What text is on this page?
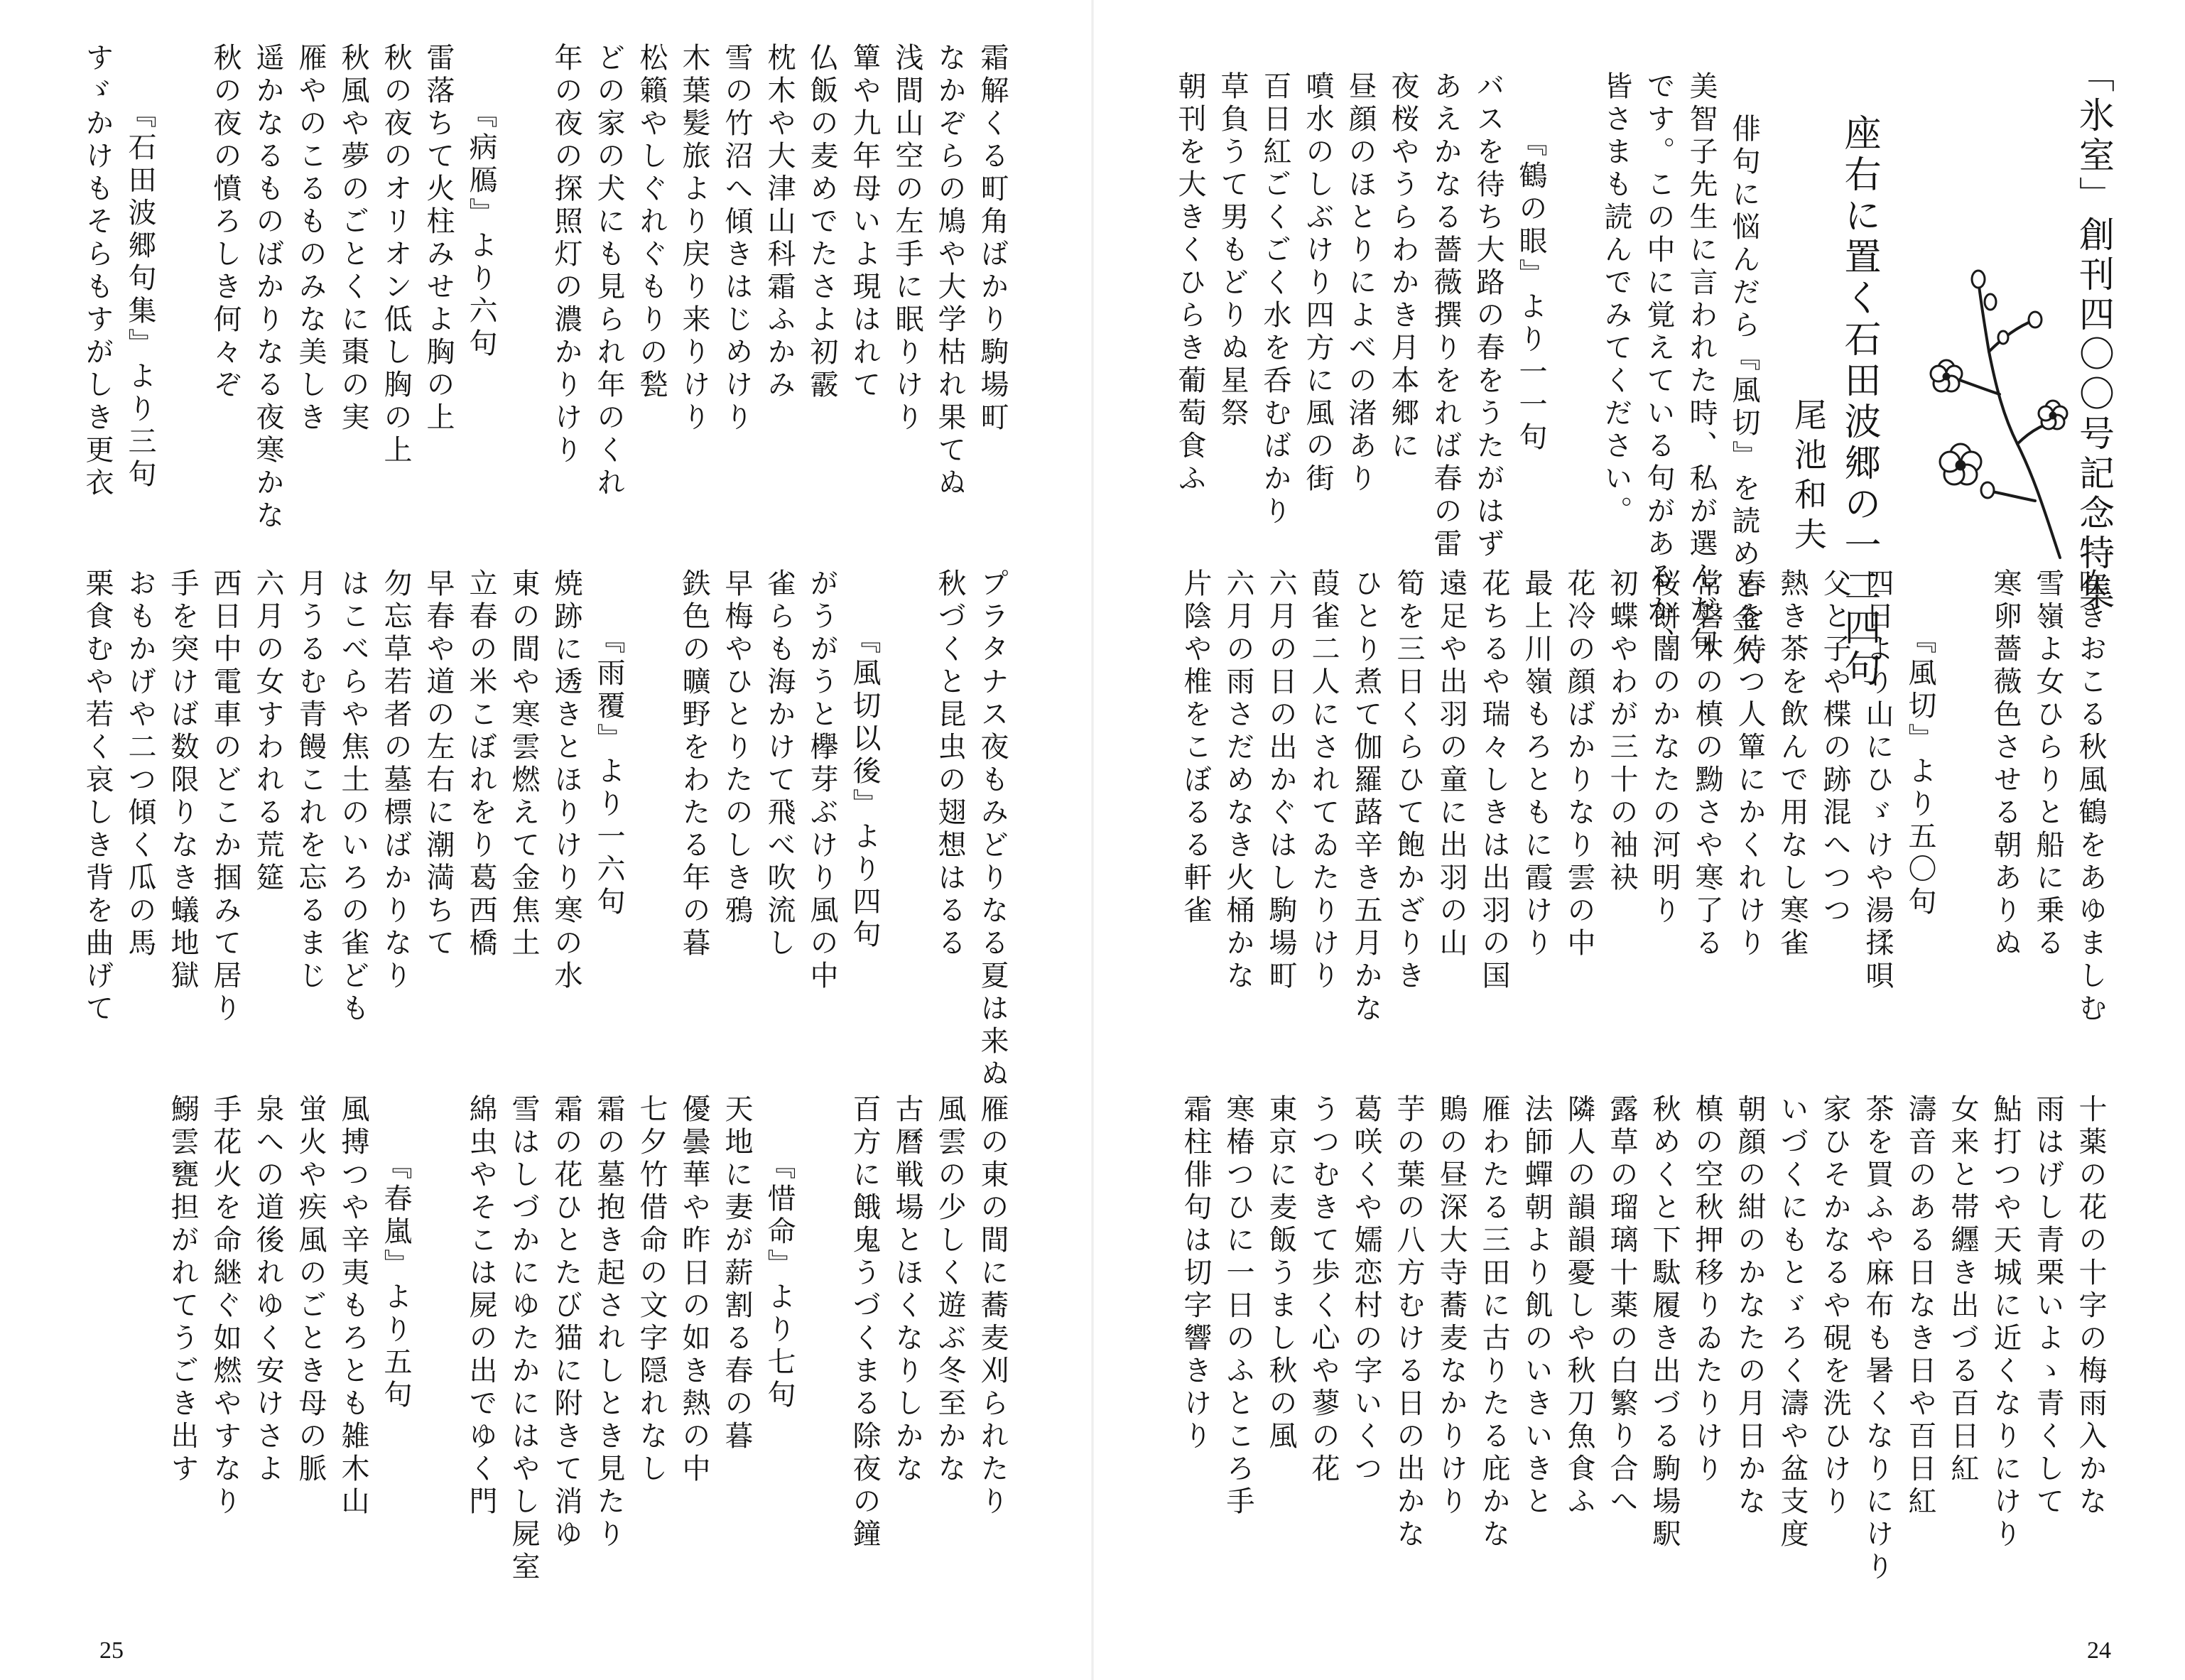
霜解くる町角ばかり駒場町
なかぞらの鳩や大学枯れ果てぬ
浅間山空の左手に眠りけり
簞や九年母いよ現はれて
仏飯の麦めでたさよ初霰
枕木や大津山科霜ふかみ
雪の竹沼へ傾きはじめけり
木葉髪旅より戻り来りけり
松籟やしぐれぐもりの甃
どの家の犬にも見られ年のくれ
年の夜の探照灯の濃かりけり
『病鴈』より六句
雷落ちて火柱みせよ胸の上
秋の夜のオリオン低し胸の上
秋風や夢のごとくに棗の実
雁やのこるものみな美しき
遥かなるものばかりなる夜寒かな
秋の夜の憤ろしき何々ぞ
『石田波郷句集』より三句
すゞかけもそらもすがしき更衣
プラタナス夜もみどりなる夏は来ぬ
秋づくと昆虫の翅想はるる
『風切以後』より四句
がうがうと欅芽ぶけり風の中
雀らも海かけて飛べ吹流し
早梅やひとりたのしき鴉
鉄色の曠野をわたる年の暮
『雨覆』より一六句
焼跡に透きとほりけり寒の水
東の間や寒雲燃えて金焦土
立春の米こぼれをり葛西橋
早春や道の左右に潮満ちて
勿忘草若者の墓標ばかりなり
はこべらや焦土のいろの雀ども
月うるむ青饅これを忘るまじ
六月の女すわれる荒筵
西日中電車のどこか掴みて居り
手を突けば数限りなき蟻地獄
おもかげや二つ傾く瓜の馬
栗食むや若く哀しき背を曲げて
雁の東の間に蕎麦刈られたり
風雲の少しく遊ぶ冬至かな
古曆戦場とほくなりしかな
百方に餓鬼うづくまる除夜の鐘
『惜命』より七句
天地に妻が薪割る春の暮
優曇華や昨日の如き熱の中
七夕竹借命の文字隠れなし
霜の墓抱き起されしとき見たり
霜の花ひとたび猫に附きて消ゆ
雪はしづかにゆたかにはやし屍室
綿虫やそこは屍の出でゆく門
『春嵐』より五句
風搏つや辛夷もろとも雑木山
蛍火や疾風のごとき母の脈
泉への道後れゆく安けさよ
手花火を命継ぐ如燃やすなり
鰯雲甕担がれてうごき出す
25
「氷室」創刊四〇〇号記念特集
座右に置く石田波郷の一二四句
尾池和夫
俳句に悩んだら『風切』を読めと金久
美智子先生に言われた時、私が選んだ句
です。この中に覚えている句があるか、
皆さまも読んでみてください。
『鶴の眼』より一一句
バスを待ち大路の春をうたがはず
あえかなる薔薇撰りをれば春の雷
夜桜やうらわかき月本郷に
昼顔のほとりによべの渚あり
噴水のしぶけり四方に風の街
百日紅ごくごく水を呑むばかり
草負うて男もどりぬ星祭
朝刊を大きくひらき葡萄食ふ
吹きおこる秋風鶴をあゆましむ
雪嶺よ女ひらりと船に乗る
寒卵薔薇色させる朝ありぬ
『風切』より五〇句
四日より山にひゞけや湯揉唄
父と子や楪の跡混へつつ
熱き茶を飲んで用なし寒雀
春を待つ人簞にかくれけり
常磐木の槙の黝さや寒了る
桜餅闇のかなたの河明り
初蝶やわが三十の袖袂
花冷の顔ばかりなり雲の中
最上川嶺もろともに霞けり
花ちるや瑞々しきは出羽の国
遠足や出羽の童に出羽の山
筍を三日くらひて飽かざりき
ひとり煮て伽羅蕗辛き五月かな
葭雀二人にされてゐたりけり
六月の日の出かぐはし駒場町
六月の雨さだめなき火桶かな
片陰や椎をこぼるる軒雀
十薬の花の十字の梅雨入かな
雨はげし青栗いよゝ青くして
鮎打つや天城に近くなりにけり
女来と帯纒き出づる百日紅
濤音のある日なき日や百日紅
茶を買ふや麻布も暑くなりにけり
家ひそかなるや硯を洗ひけり
いづくにもとゞろく濤や盆支度
朝顔の紺のかなたの月日かな
槙の空秋押移りゐたりけり
秋めくと下駄履き出づる駒場駅
露草の瑠璃十薬の白繁り合へ
隣人の韻韻憂しや秋刀魚食ふ
法師蟬朝より飢のいきいきと
雁わたる三田に古りたる庇かな
鵙の昼深大寺蕎麦なかりけり
芋の葉の八方むける日の出かな
葛咲くや嬬恋村の字いくつ
うつむきて歩く心や蓼の花
東京に麦飯うまし秋の風
寒椿つひに一日のふところ手
霜柱俳句は切字響きけり
24
